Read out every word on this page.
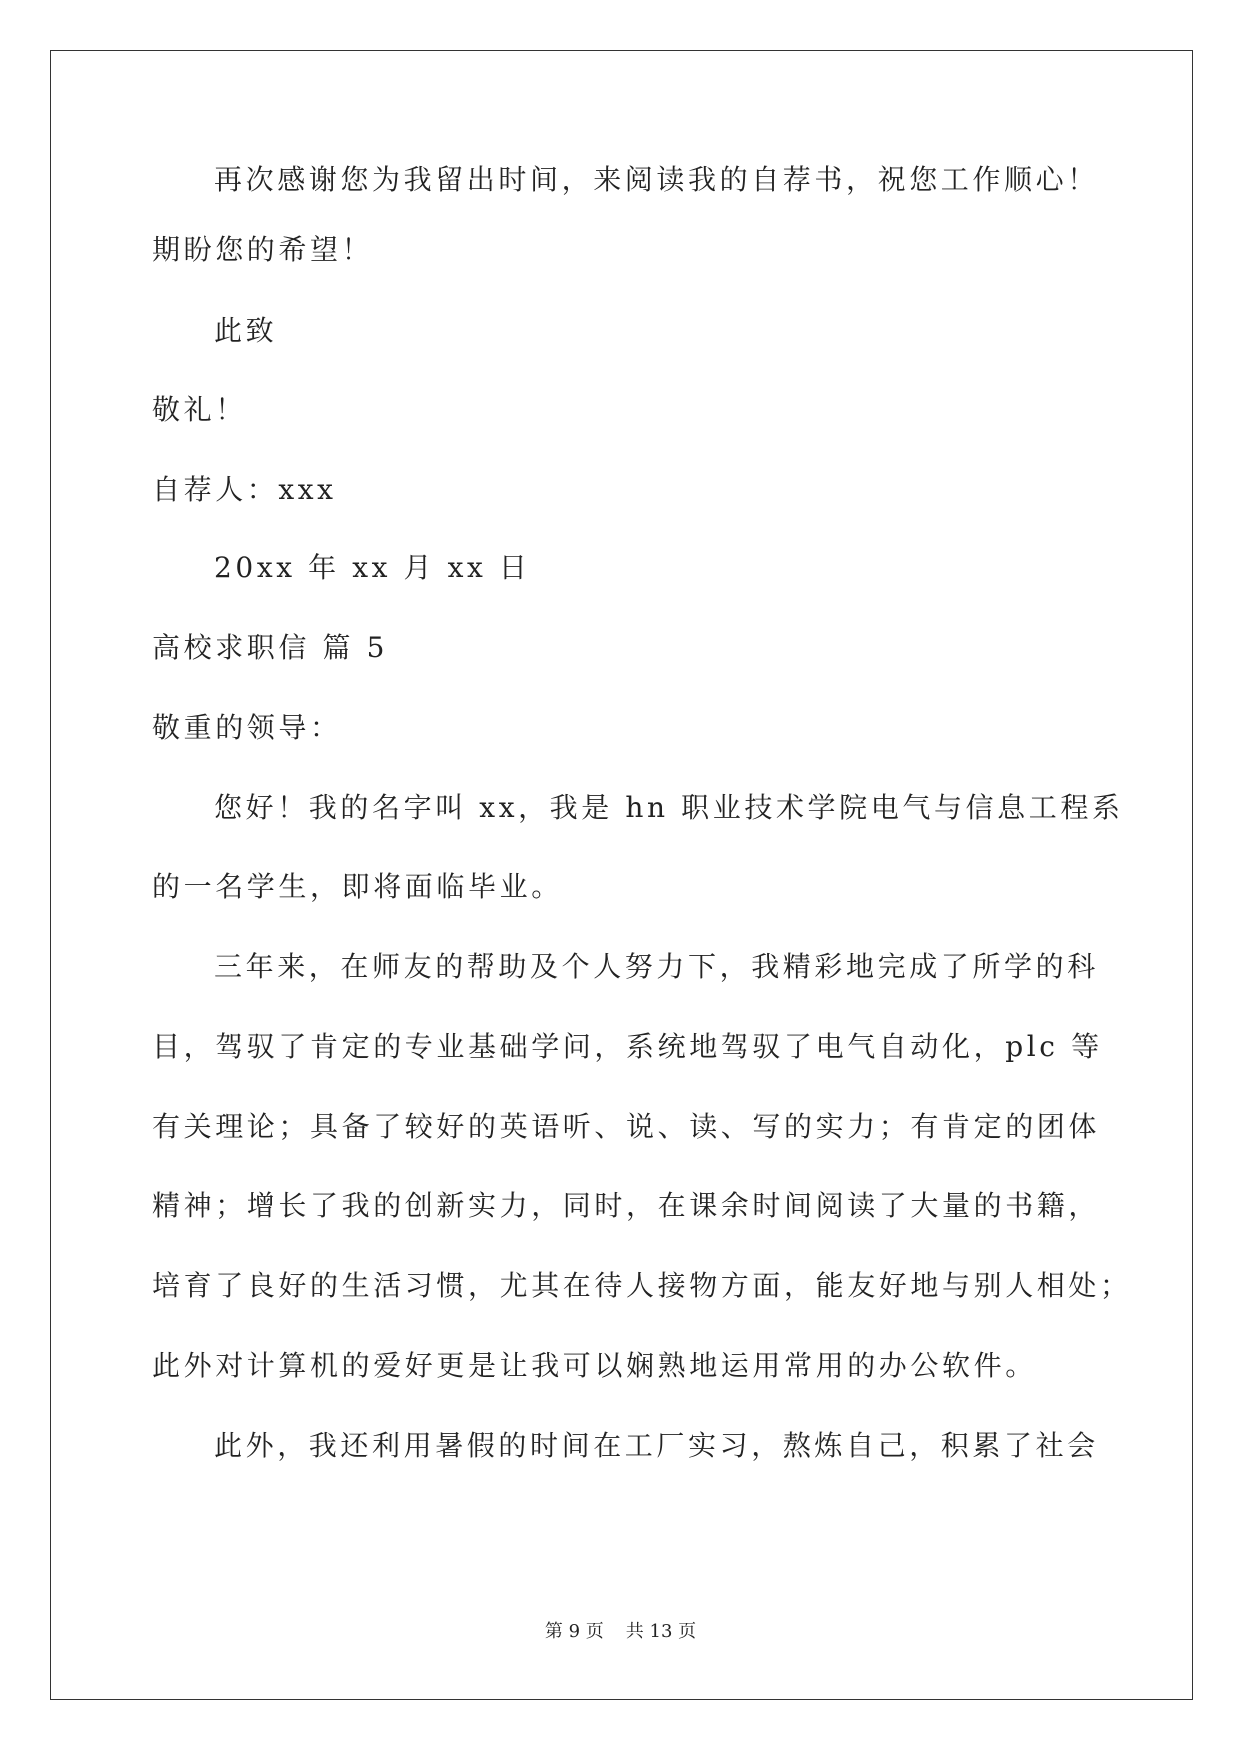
再次感谢您为我留出时间，来阅读我的自荐书，祝您工作顺心！
期盼您的希望！
此致
敬礼！
自荐人：xxx
20xx 年 xx 月 xx 日
高校求职信 篇 5
敬重的领导：
您好！我的名字叫 xx，我是 hn 职业技术学院电气与信息工程系
的一名学生，即将面临毕业。
三年来，在师友的帮助及个人努力下，我精彩地完成了所学的科
目，驾驭了肯定的专业基础学问，系统地驾驭了电气自动化，plc 等
有关理论；具备了较好的英语听、说、读、写的实力；有肯定的团体
精神；增长了我的创新实力，同时，在课余时间阅读了大量的书籍，
培育了良好的生活习惯，尤其在待人接物方面，能友好地与别人相处；
此外对计算机的爱好更是让我可以娴熟地运用常用的办公软件。
此外，我还利用暑假的时间在工厂实习，熬炼自己，积累了社会
第 9 页 共 13 页
